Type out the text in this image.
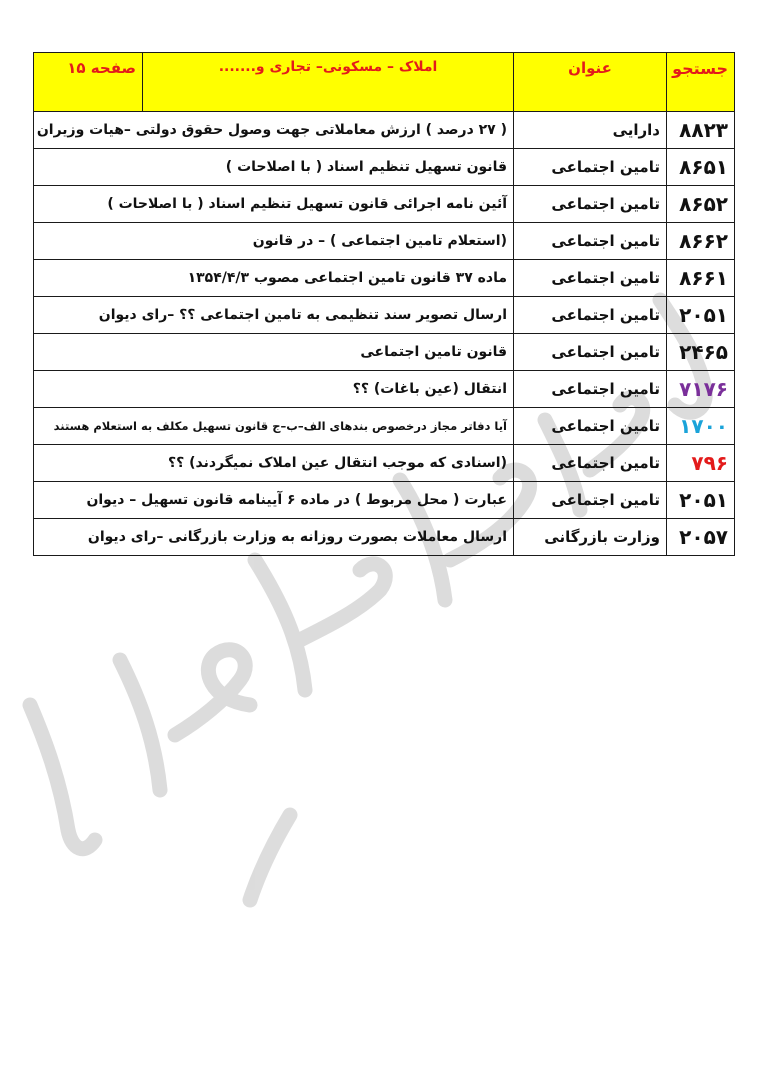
جستجو	عنوان	املاک – مسکونی– تجاری و.......	صفحه ۱۵
۸۸۲۳	دارایی	( ۲۷ درصد ) ارزش معاملاتی جهت وصول حقوق دولتی –هیات وزیران	
۸۶۵۱	تامین اجتماعی	قانون تسهیل تنظیم اسناد ( با اصلاحات )	
۸۶۵۲	تامین اجتماعی	آئین نامه اجرائی قانون تسهیل تنظیم اسناد ( با اصلاحات )	
۸۶۶۲	تامین اجتماعی	(استعلام تامین اجتماعی ) – در قانون	
۸۶۶۱	تامین اجتماعی	ماده ۳۷ قانون تامین اجتماعی مصوب ۱۳۵۴/۴/۳	
۲۰۵۱	تامین اجتماعی	ارسال تصویر سند تنظیمی به تامین اجتماعی ؟؟ –رای دیوان	
۲۴۶۵	تامین اجتماعی	قانون تامین اجتماعی	
۷۱۷۶	تامین اجتماعی	انتقال (عین باغات) ؟؟	
۱۷۰۰	تامین اجتماعی	آیا دفاتر مجاز درخصوص بندهای الف–ب–ج قانون تسهیل مکلف به استعلام هستند	
۷۹۶	تامین اجتماعی	(اسنادی که موجب انتقال عین املاک نمیگردند) ؟؟	
۲۰۵۱	تامین اجتماعی	عبارت ( محل مربوط ) در ماده ۶ آیینامه قانون تسهیل – دیوان	
۲۰۵۷	وزارت بازرگانی	ارسال معاملات بصورت روزانه به وزارت بازرگانی –رای دیوان	
